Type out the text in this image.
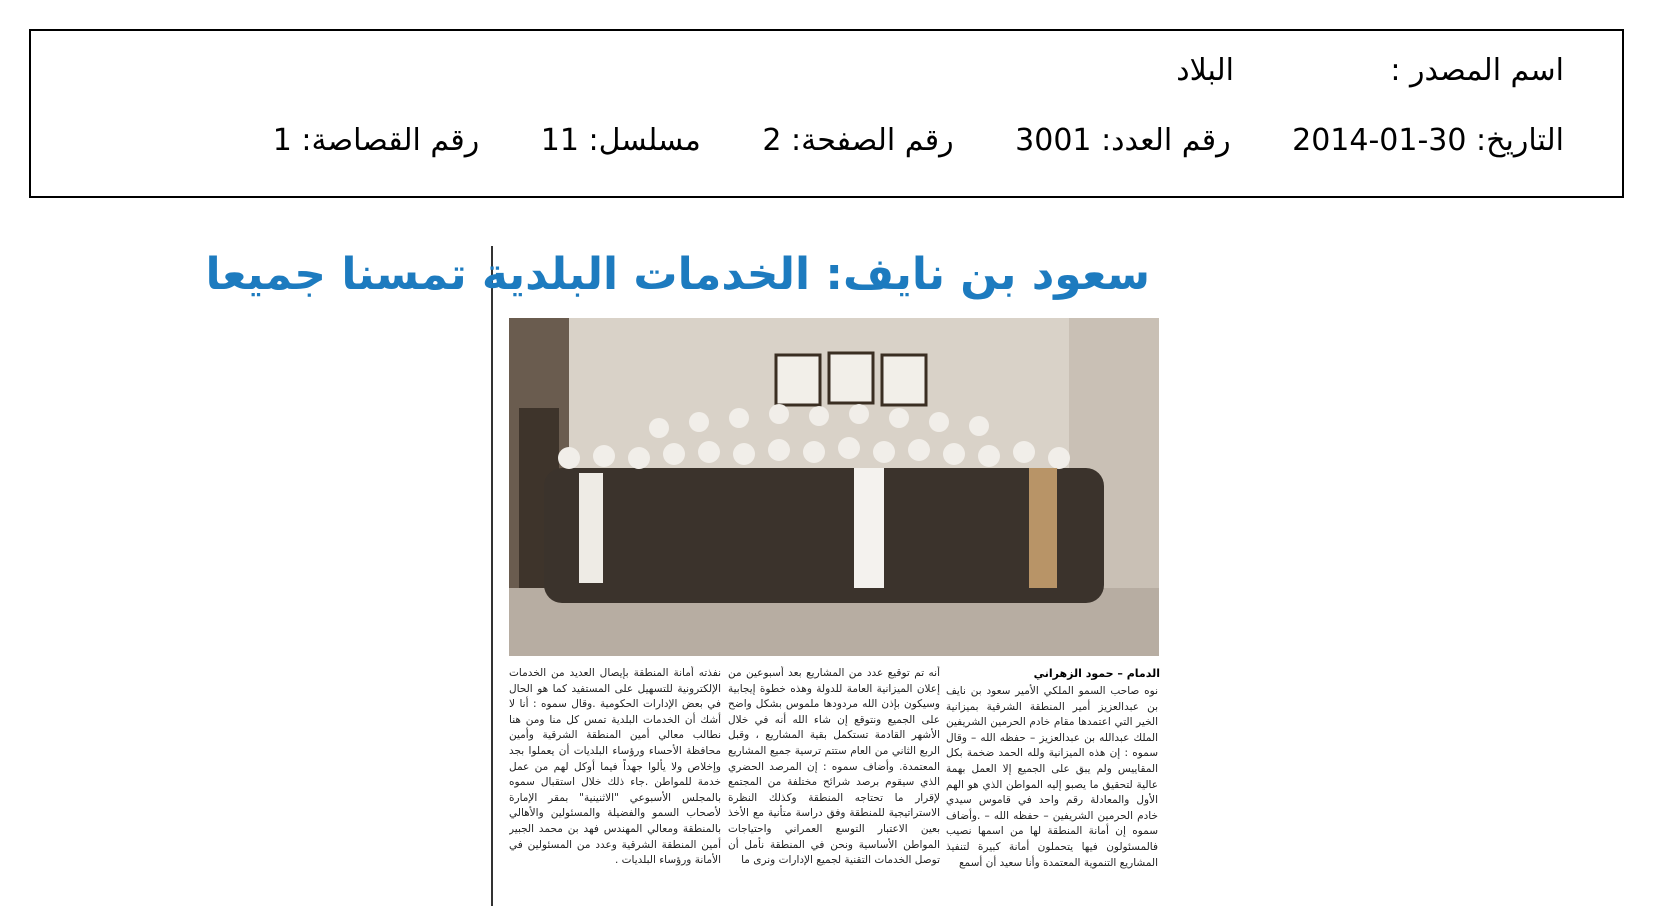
اسم المصدر :البلاد
التاريخ: 2014-01-30 رقم العدد: 3001 رقم الصفحة: 2 مسلسل: 11 رقم القصاصة: 1
سعود بن نايف: الخدمات البلدية تمسنا جميعا
الدمام – حمود الزهراني
نوه صاحب السمو الملكي الأمير سعود بن نايف بن عبدالعزيز أمير المنطقة الشرقية بميزانية الخير التي اعتمدها مقام خادم الحرمين الشريفين الملك عبدالله بن عبدالعزيز – حفظه الله – وقال سموه : إن هذه الميزانية ولله الحمد ضخمة بكل المقاييس ولم يبق على الجميع إلا العمل بهمة عالية لتحقيق ما يصبو إليه المواطن الذي هو الهم الأول والمعادلة رقم واحد في قاموس سيدي خادم الحرمين الشريفين – حفظه الله – .وأضاف سموه إن أمانة المنطقة لها من اسمها نصيب فالمسئولون فيها يتحملون أمانة كبيرة لتنفيذ المشاريع التنموية المعتمدة وأنا سعيد أن أسمع
أنه تم توقيع عدد من المشاريع بعد أسبوعين من إعلان الميزانية العامة للدولة وهذه خطوة إيجابية وسيكون بإذن الله مردودها ملموس بشكل واضح على الجميع ونتوقع إن شاء الله أنه في خلال الأشهر القادمة تستكمل بقية المشاريع ، وقبل الربع الثاني من العام ستتم ترسية جميع المشاريع المعتمدة. وأضاف سموه : إن المرصد الحضري الذي سيقوم برصد شرائح مختلفة من المجتمع لإقرار ما تحتاجه المنطقة وكذلك النظرة الاستراتيجية للمنطقة وفق دراسة متأنية مع الأخذ بعين الاعتبار التوسع العمراني واحتياجات المواطن الأساسية ونحن في المنطقة نأمل أن توصل الخدمات التقنية لجميع الإدارات ونرى ما
نفذته أمانة المنطقة بإيصال العديد من الخدمات الإلكترونية للتسهيل على المستفيد كما هو الحال في بعض الإدارات الحكومية .وقال سموه : أنا لا أشك أن الخدمات البلدية تمس كل منا ومن هنا نطالب معالي أمين المنطقة الشرقية وأمين محافظة الأحساء ورؤساء البلديات أن يعملوا بجد وإخلاص ولا يألوا جهداً فيما أوكل لهم من عمل خدمة للمواطن .جاء ذلك خلال استقبال سموه بالمجلس الأسبوعي "الاثنينية" بمقر الإمارة لأصحاب السمو والفضيلة والمسئولين والأهالي بالمنطقة ومعالي المهندس فهد بن محمد الجبير أمين المنطقة الشرقية وعدد من المسئولين في الأمانة ورؤساء البلديات .
